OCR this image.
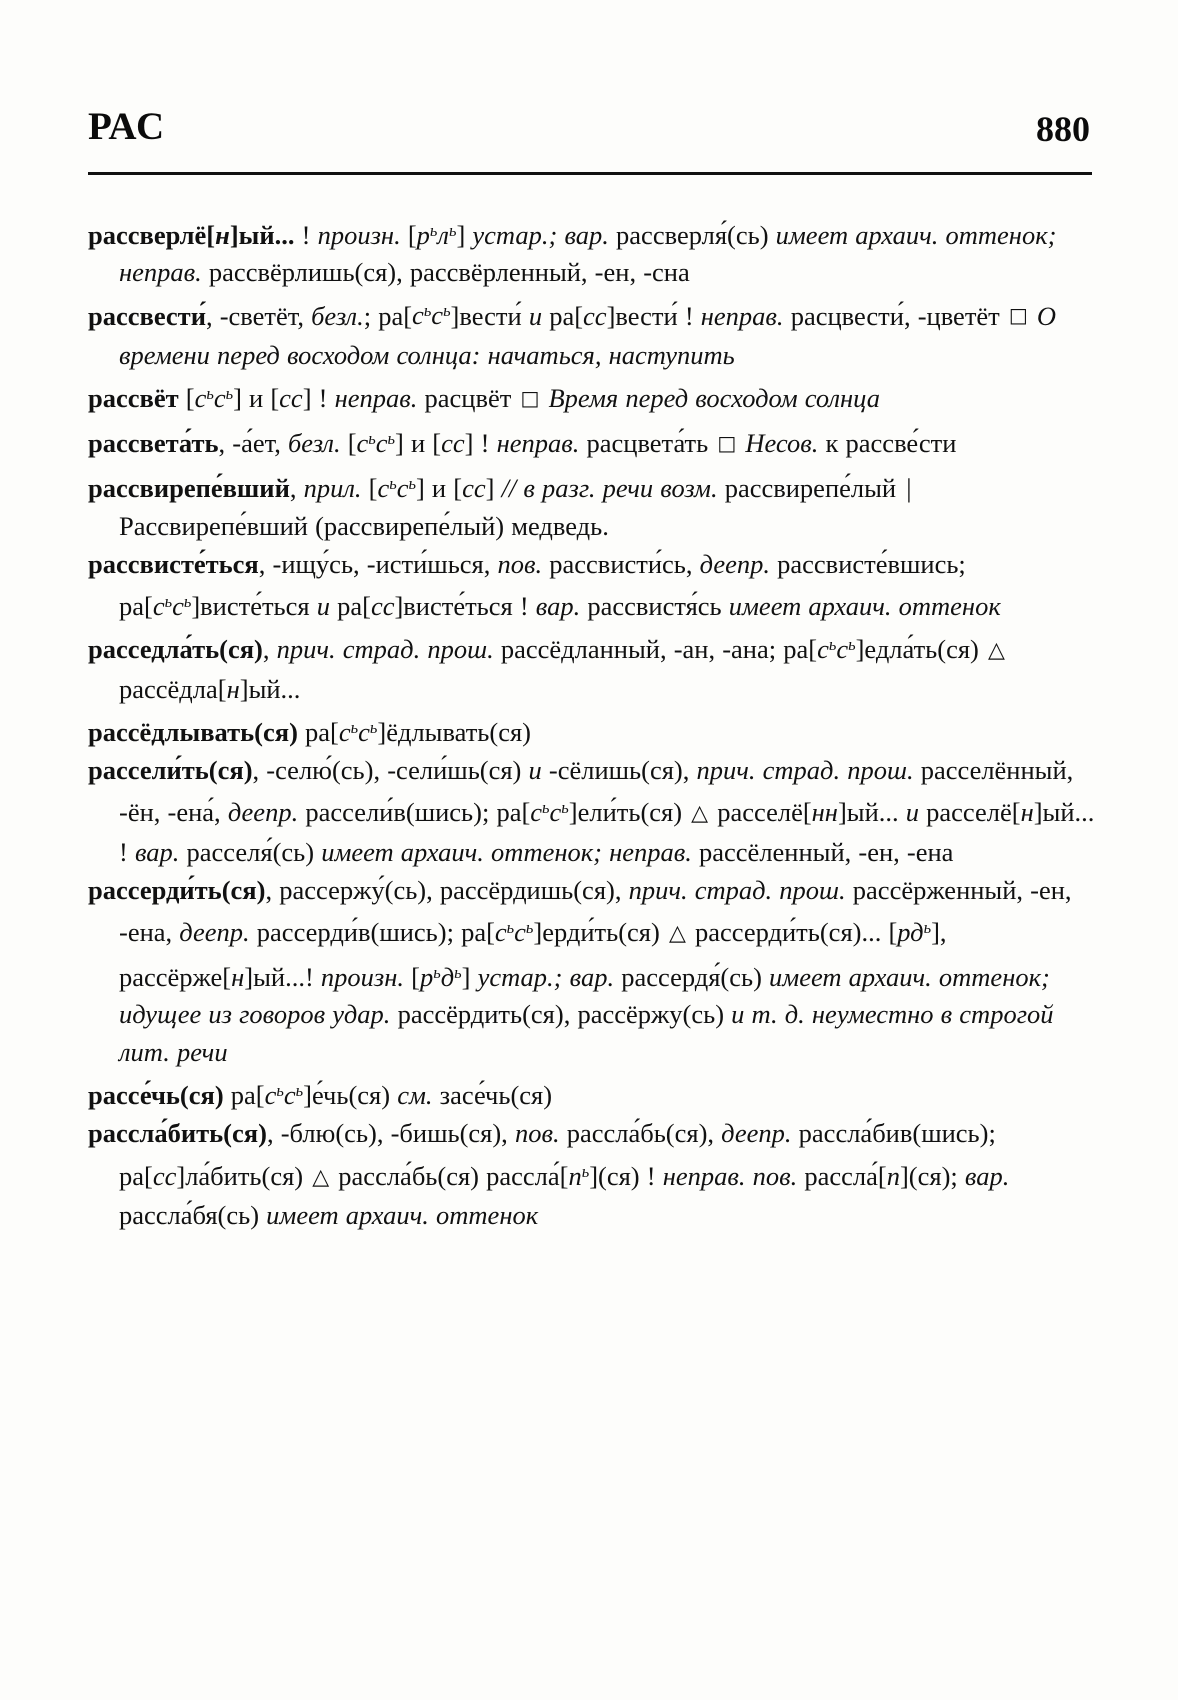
РАС	880

рассверлё[н]ый... ! произн. $[р^ьл^ь]$ устар.; вар. рассверля́(сь) имеет архаич. оттенок; неправ. рассвёрлишь(ся), рассвёр⁠ленный, -ен, -сна

рассвести́, -светёт, безл.; $ра[с^ьс^ь]вести́$ и ра[сс]вести́ ! неправ. расцвести́, -цветёт □ О времени перед восходом солнца: начаться, наступить

рассвёт $[с^ьс^ь]$ и [сс] ! неправ. расцвёт □ Время перед восходом солнца

рассвета́ть, -а́ет, безл. $[с^ьс^ь]$ и [сс] ! неправ. расцвета́ть □ Несов. к рассве́сти

рассвирепе́вший, прил. $[с^ьс^ь]$ и [сс] // в разг. речи возм. рассви⁠репе́лый | Рассвирепе́вший (рассвирепе́лый) медведь.

рассвисте́ться, -ищу́сь, -исти́шься, пов. рассвисти́сь, деепр. рассвисте́вшись; $ра[с^ьс^ь]висте́ться$ и ра[сс]висте́ться ! вар. рассвистя́сь имеет архаич. оттенок

расседла́ть(ся), прич. страд. прош. рассёдланный, -ан, -ана; $ра[с^ьс^ь]едла́ть(ся)$ △ рассёдла[н]ый...

рассёдлывать(ся) $ра[с^ьс^ь]ёдлывать(ся)$

рассели́ть(ся), -селю́(сь), -сели́шь(ся) и -сёлишь(ся), прич. страд. прош. расселённый, -ён, -ена́, деепр. рассели́в(шись); $ра[с^ьс^ь]ели́ть(ся)$ △ расселё[нн]ый... и расселё[н]ый... ! вар. расселя́(сь) имеет архаич. оттенок; неправ. рассёленный, -ен, -ена

рассерди́ть(ся), рассержу́(сь), рассёрдишь(ся), прич. страд. прош. рассёрженный, -ен, -ена, деепр. рассерди́в(шись); $ра[с^ьс^ь]ер⁠ди́ть(ся)$ △ рассерди́ть(ся)... $[рд^ь]$, рассёрже[н]ый...! произн. $[р^ьд^ь]$ устар.; вар. рассердя́(сь) имеет архаич. оттенок; идущее из говоров удар. рассёрдить(ся), рассёржу(сь) и т. д. неуместно в строгой лит. речи

рассе́чь(ся) $ра[с^ьс^ь]е́чь(ся)$ см. засе́чь(ся)

рассла́бить(ся), -блю(сь), -бишь(ся), пов. рассла́бь(ся), деепр. рассла́бив(шись); ра[сс]ла́бить(ся) △ рассла́бь(ся) $рас⁠сла́[п^ь](ся)$ ! неправ. пов. рассла́[п](ся); вар. рассла́бя(сь) име⁠ет архаич. оттенок
